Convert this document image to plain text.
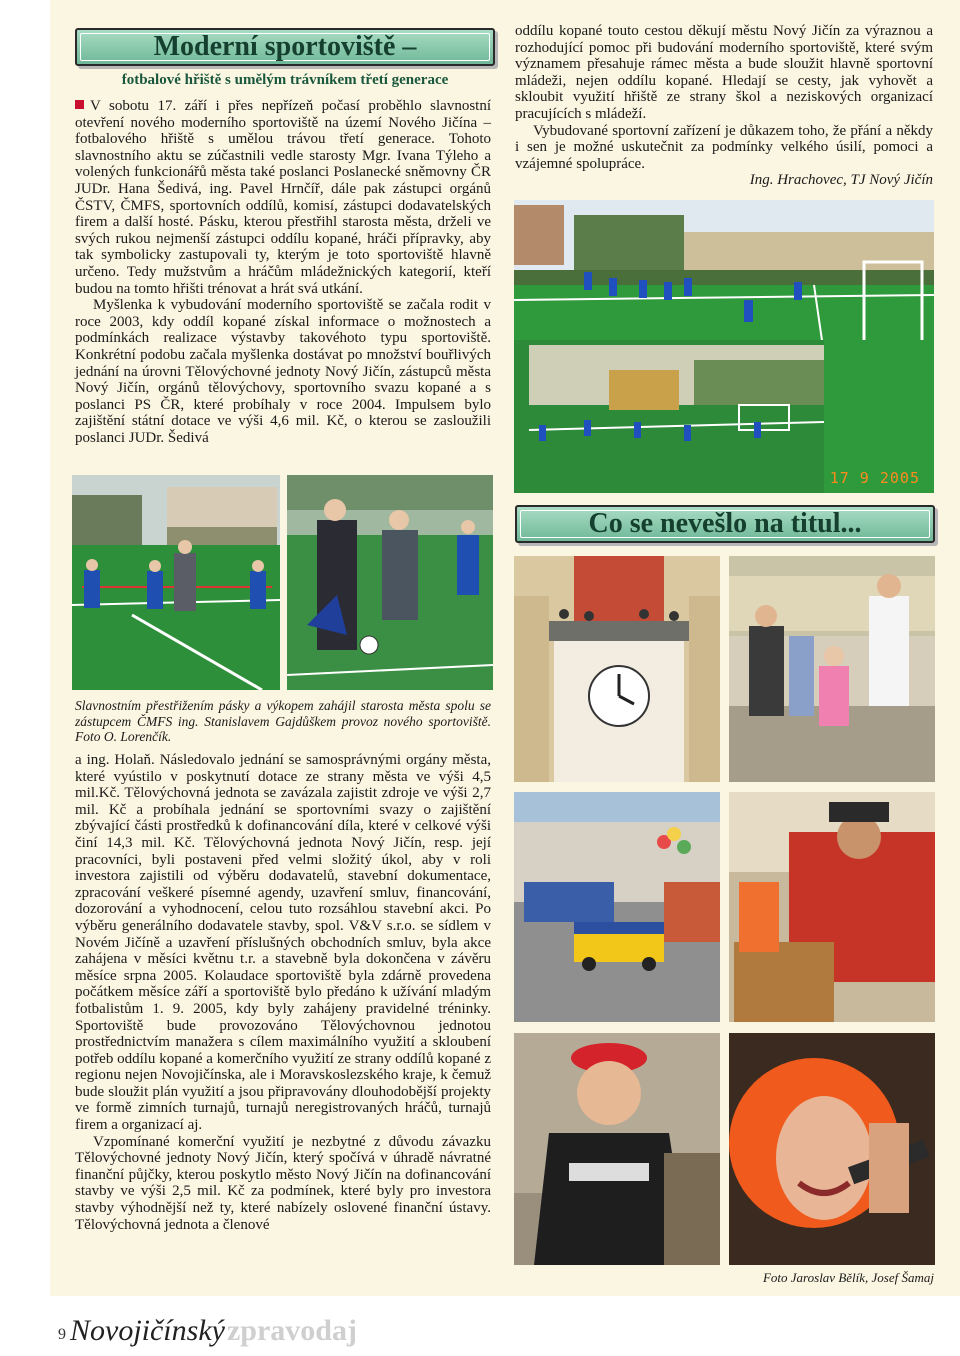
Moderní sportoviště –
fotbalové hřiště s umělým trávníkem třetí generace

V sobotu 17. září i přes nepřízeň počasí proběhlo slavnostní otevření nového moderního sportoviště na území Nového Jičína – fotbalového hřiště s umělou trávou třetí generace. Tohoto slavnostního aktu se zúčastnili vedle starosty Mgr. Ivana Týleho a volených funkcionářů města také poslanci Poslanecké sněmovny ČR JUDr. Hana Šedivá, ing. Pavel Hrnčíř, dále pak zástupci orgánů ČSTV, ČMFS, sportovních oddílů, komisí, zástupci dodavatelských firem a další hosté. Pásku, kterou přestřihl starosta města, drželi ve svých rukou nejmenší zástupci oddílu kopané, hráči přípravky, aby tak symbolicky zastupovali ty, kterým je toto sportoviště hlavně určeno. Tedy mužstvům a hráčům mládežnických kategorií, kteří budou na tomto hřišti trénovat a hrát svá utkání.

Myšlenka k vybudování moderního sportoviště se začala rodit v roce 2003, kdy oddíl kopané získal informace o možnostech a podmínkách realizace výstavby takovéhoto typu sportoviště. Konkrétní podobu začala myšlenka dostávat po množství bouřlivých jednání na úrovni Tělovýchovné jednoty Nový Jičín, zástupců města Nový Jičín, orgánů tělovýchovy, sportovního svazu kopané a s poslanci PS ČR, které probíhaly v roce 2004. Impulsem bylo zajištění státní dotace ve výši 4,6 mil. Kč, o kterou se zasloužili poslanci JUDr. Šedivá

Slavnostním přestřižením pásky a výkopem zahájil starosta města spolu se zástupcem ČMFS ing. Stanislavem Gajdůškem provoz nového sportoviště. Foto O. Lorenčík.

a ing. Holaň. Následovalo jednání se samosprávnými orgány města, které vyústilo v poskytnutí dotace ze strany města ve výši 4,5 mil.Kč. Tělovýchovná jednota se zavázala zajistit zdroje ve výši 2,7 mil. Kč a probíhala jednání se sportovními svazy o zajištění zbývající části prostředků k dofinancování díla, které v celkové výši činí 14,3 mil. Kč. Tělovýchovná jednota Nový Jičín, resp. její pracovníci, byli postaveni před velmi složitý úkol, aby v roli investora zajistili od výběru dodavatelů, stavební dokumentace, zpracování veškeré písemné agendy, uzavření smluv, financování, dozorování a vyhodnocení, celou tuto rozsáhlou stavební akci. Po výběru generálního dodavatele stavby, spol. V&V s.r.o. se sídlem v Novém Jičíně a uzavření příslušných obchodních smluv, byla akce zahájena v měsíci květnu t.r. a stavebně byla dokončena v závěru měsíce srpna 2005. Kolaudace sportoviště byla zdárně provedena počátkem měsíce září a sportoviště bylo předáno k užívání mladým fotbalistům 1. 9. 2005, kdy byly zahájeny pravidelné tréninky. Sportoviště bude provozováno Tělovýchovnou jednotou prostřednictvím manažera s cílem maximálního využití a skloubení potřeb oddílu kopané a komerčního využití ze strany oddílů kopané z regionu nejen Novojičínska, ale i Moravskoslezského kraje, k čemuž bude sloužit plán využití a jsou připravovány dlouhodobější projekty ve formě zimních turnajů, turnajů neregistrovaných hráčů, turnajů firem a organizací aj.

Vzpomínané komerční využití je nezbytné z důvodu závazku Tělovýchovné jednoty Nový Jičín, který spočívá v úhradě návratné finanční půjčky, kterou poskytlo město Nový Jičín na dofinancování stavby ve výši 2,5 mil. Kč za podmínek, které byly pro investora stavby výhodnější než ty, které nabízely oslovené finanční ústavy. Tělovýchovná jednota a členové

oddílu kopané touto cestou děkují městu Nový Jičín za výraznou a rozhodující pomoc při budování moderního sportoviště, které svým významem přesahuje rámec města a bude sloužit hlavně sportovní mládeži, nejen oddílu kopané. Hledají se cesty, jak vyhovět a skloubit využití hřiště ze strany škol a neziskových organizací pracujících s mládeží.

Vybudované sportovní zařízení je důkazem toho, že přání a někdy i sen je možné uskutečnit za podmínky velkého úsilí, pomoci a vzájemné spolupráce.

Ing. Hrachovec, TJ Nový Jičín
17 9 2005
Co se nevešlo na titul...
Foto Jaroslav Bělík, Josef Šamaj
9 Novojičínský zpravodaj
